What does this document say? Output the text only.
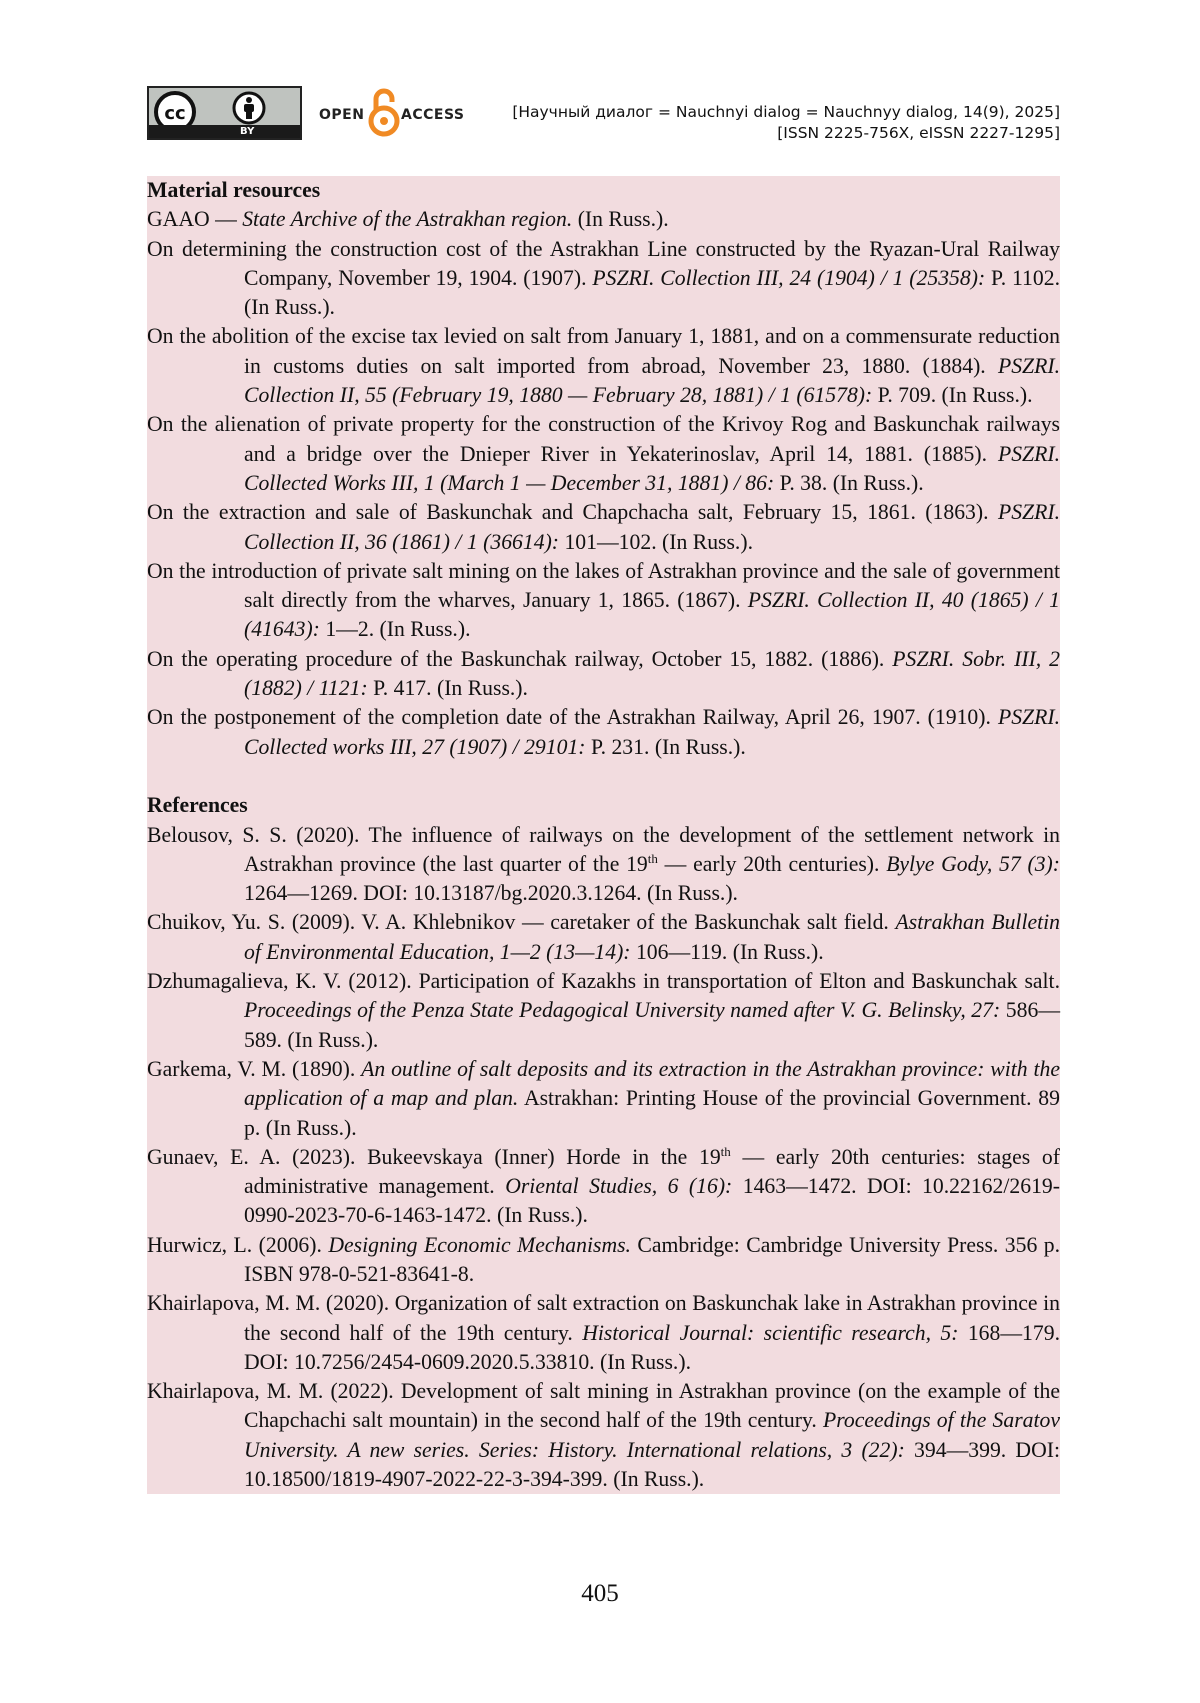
cc
BY
OPEN	ACCESS	[Научный диалог = Nauchnyi dialog = Nauchnyy dialog, 14(9), 2025]
[ISSN 2225-756X, eISSN 2227-1295]
Material resources
GAAO — State Archive of the Astrakhan region. (In Russ.).
On determining the construction cost of the Astrakhan Line constructed by the Ryazan-Ural Railway Company, November 19, 1904. (1907). PSZRI. Collection III, 24 (1904) / 1 (25358): P. 1102. (In Russ.).
On the abolition of the excise tax levied on salt from January 1, 1881, and on a commensurate reduction in customs duties on salt imported from abroad, November 23, 1880. (1884). PSZRI. Collection II, 55 (February 19, 1880 — February 28, 1881) / 1 (61578): P. 709. (In Russ.).
On the alienation of private property for the construction of the Krivoy Rog and Baskunchak railways and a bridge over the Dnieper River in Yekaterinoslav, April 14, 1881. (1885). PSZRI. Collected Works III, 1 (March 1 — December 31, 1881) / 86: P. 38. (In Russ.).
On the extraction and sale of Baskunchak and Chapchacha salt, February 15, 1861. (1863). PSZRI. Collection II, 36 (1861) / 1 (36614): 101—102. (In Russ.).
On the introduction of private salt mining on the lakes of Astrakhan province and the sale of government salt directly from the wharves, January 1, 1865. (1867). PSZRI. Collection II, 40 (1865) / 1 (41643): 1—2. (In Russ.).
On the operating procedure of the Baskunchak railway, October 15, 1882. (1886). PSZRI. Sobr. III, 2 (1882) / 1121: P. 417. (In Russ.).
On the postponement of the completion date of the Astrakhan Railway, April 26, 1907. (1910). PSZRI. Collected works III, 27 (1907) / 29101: P. 231. (In Russ.).
References
Belousov, S. S. (2020). The influence of railways on the development of the settlement network in Astrakhan province (the last quarter of the 19th — early 20th centuries). Bylye Gody, 57 (3): 1264—1269. DOI: 10.13187/bg.2020.3.1264. (In Russ.).
Chuikov, Yu. S. (2009). V. A. Khlebnikov — caretaker of the Baskunchak salt field. Astrakhan Bulletin of Environmental Education, 1—2 (13—14): 106—119. (In Russ.).
Dzhumagalieva, K. V. (2012). Participation of Kazakhs in transportation of Elton and Baskunchak salt. Proceedings of the Penza State Pedagogical University named after V. G. Belinsky, 27: 586—589. (In Russ.).
Garkema, V. M. (1890). An outline of salt deposits and its extraction in the Astrakhan province: with the application of a map and plan. Astrakhan: Printing House of the provincial Government. 89 p. (In Russ.).
Gunaev, E. A. (2023). Bukeevskaya (Inner) Horde in the 19th — early 20th centuries: stages of administrative management. Oriental Studies, 6 (16): 1463—1472. DOI: 10.22162/2619-0990-2023-70-6-1463-1472. (In Russ.).
Hurwicz, L. (2006). Designing Economic Mechanisms. Cambridge: Cambridge University Press. 356 p. ISBN 978-0-521-83641-8.
Khairlapova, M. M. (2020). Organization of salt extraction on Baskunchak lake in Astrakhan province in the second half of the 19th century. Historical Journal: scientific research, 5: 168—179. DOI: 10.7256/2454-0609.2020.5.33810. (In Russ.).
Khairlapova, M. M. (2022). Development of salt mining in Astrakhan province (on the example of the Chapchachi salt mountain) in the second half of the 19th century. Proceedings of the Saratov University. A new series. Series: History. International relations, 3 (22): 394—399. DOI: 10.18500/1819-4907-2022-22-3-394-399. (In Russ.).
405
